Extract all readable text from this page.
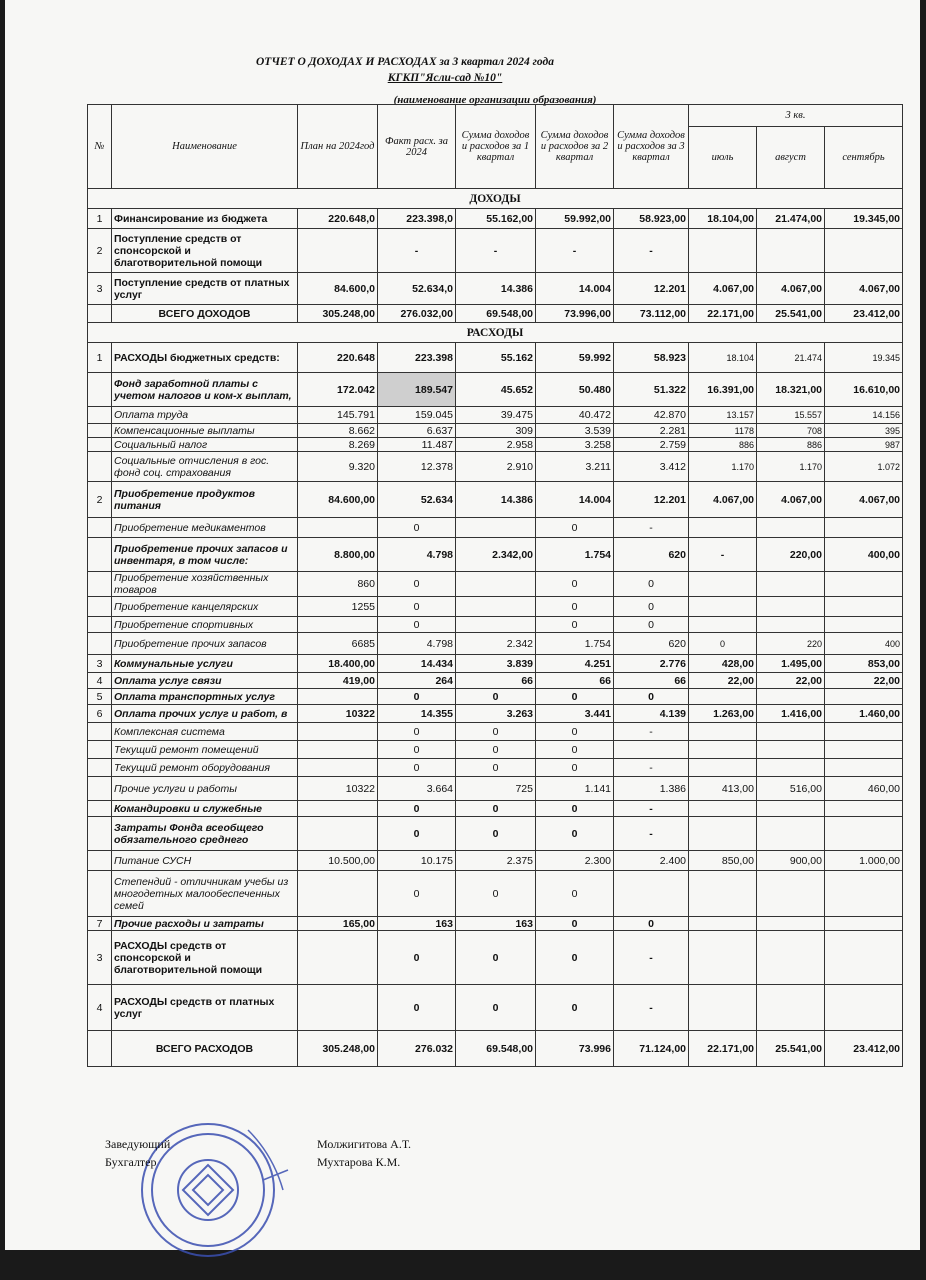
ОТЧЕТ О ДОХОДАХ И РАСХОДАХ за 3 квартал 2024 года
КГКП"Ясли-сад №10"
(наименование организации образования)
№	Наименование	План на 2024год	Факт расх. за 2024	Сумма доходов и расходов за 1 квартал	Сумма доходов и расходов за 2 квартал	Сумма доходов и расходов за 3 квартал	3 кв.		
							июль	август	сентябрь
ДОХОДЫ									
1	Финансирование из бюджета	220.648,0	223.398,0	55.162,00	59.992,00	58.923,00	18.104,00	21.474,00	19.345,00
2	Поступление средств от спонсорской и благотворительной помощи		-	-	-	-			
3	Поступление средств от платных услуг	84.600,0	52.634,0	14.386	14.004	12.201	4.067,00	4.067,00	4.067,00
	ВСЕГО ДОХОДОВ	305.248,00	276.032,00	69.548,00	73.996,00	73.112,00	22.171,00	25.541,00	23.412,00
РАСХОДЫ									
1	РАСХОДЫ бюджетных средств:	220.648	223.398	55.162	59.992	58.923	18.104	21.474	19.345
	Фонд заработной платы с учетом налогов и ком-х выплат,	172.042	189.547	45.652	50.480	51.322	16.391,00	18.321,00	16.610,00
	Оплата труда	145.791	159.045	39.475	40.472	42.870	13.157	15.557	14.156
	Компенсационные выплаты	8.662	6.637	309	3.539	2.281	1178	708	395
	Социальный налог	8.269	11.487	2.958	3.258	2.759	886	886	987
	Социальные отчисления в гос. фонд соц. страхования	9.320	12.378	2.910	3.211	3.412	1.170	1.170	1.072
2	Приобретение продуктов питания	84.600,00	52.634	14.386	14.004	12.201	4.067,00	4.067,00	4.067,00
	Приобретение медикаментов		0		0	-			
	Приобретение прочих запасов и инвентаря, в том числе:	8.800,00	4.798	2.342,00	1.754	620	-	220,00	400,00
	Приобретение хозяйственных товаров	860	0		0	0			
	Приобретение канцелярских	1255	0		0	0			
	Приобретение спортивных		0		0	0			
	Приобретение прочих запасов	6685	4.798	2.342	1.754	620	0	220	400
3	Коммунальные услуги	18.400,00	14.434	3.839	4.251	2.776	428,00	1.495,00	853,00
4	Оплата услуг связи	419,00	264	66	66	66	22,00	22,00	22,00
5	Оплата транспортных услуг		0	0	0	0			
6	Оплата прочих услуг и работ, в	10322	14.355	3.263	3.441	4.139	1.263,00	1.416,00	1.460,00
	Комплексная система		0	0	0	-			
	Текущий ремонт помещений		0	0	0				
	Текущий ремонт оборудования		0	0	0	-			
	Прочие услуги и работы	10322	3.664	725	1.141	1.386	413,00	516,00	460,00
	Командировки и служебные		0	0	0	-			
	Затраты Фонда всеобщего обязательного среднего		0	0	0	-			
	Питание СУСН	10.500,00	10.175	2.375	2.300	2.400	850,00	900,00	1.000,00
	Степендий - отличникам учебы из многодетных малообеспеченных семей		0	0	0				
7	Прочие расходы и затраты	165,00	163	163	0	0			
3	РАСХОДЫ средств от спонсорской и благотворительной помощи		0	0	0	-			
4	РАСХОДЫ средств от платных услуг		0	0	0	-			
	ВСЕГО РАСХОДОВ	305.248,00	276.032	69.548,00	73.996	71.124,00	22.171,00	25.541,00	23.412,00
Заведующий	Молжигитова А.Т.
Бухгалтер	Мухтарова К.М.
